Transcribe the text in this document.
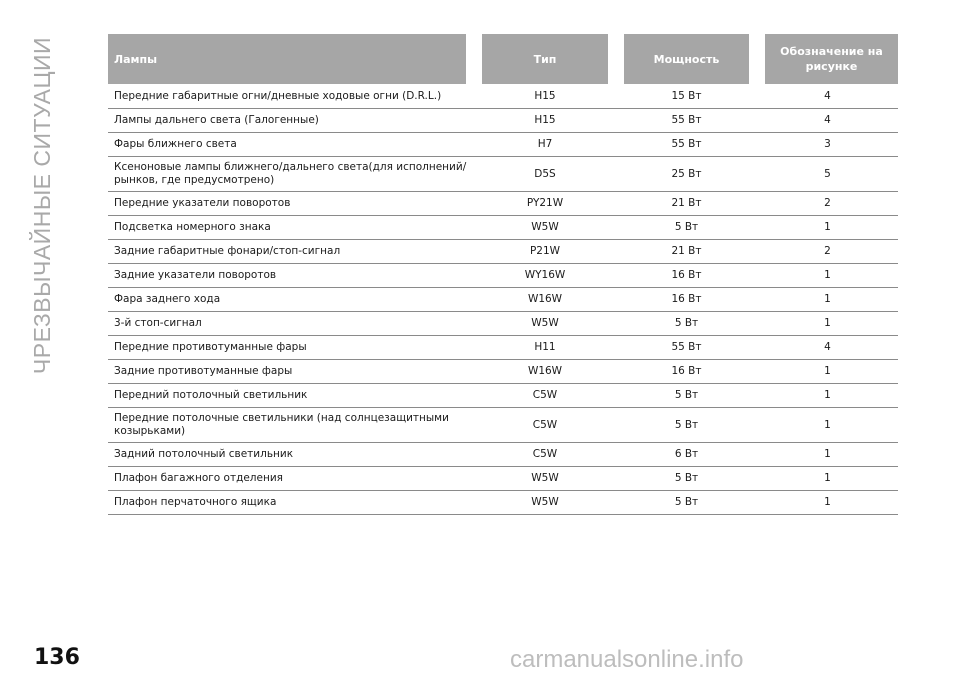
ЧРЕЗВЫЧАЙНЫЕ СИТУАЦИИ	Лампы	Тип	Мощность	Обозначение на рисунке
Передние габаритные огни/дневные ходовые огни (D.R.L.)	H15	15 Вт	4
Лампы дальнего света (Галогенные)	H15	55 Вт	4
Фары ближнего света	H7	55 Вт	3
Ксеноновые лампы ближнего/дальнего света(для исполнений/рынков, где предусмотрено)	D5S	25 Вт	5
Передние указатели поворотов	PY21W	21 Вт	2
Подсветка номерного знака	W5W	5 Вт	1
Задние габаритные фонари/стоп-сигнал	P21W	21 Вт	2
Задние указатели поворотов	WY16W	16 Вт	1
Фара заднего хода	W16W	16 Вт	1
3-й стоп-сигнал	W5W	5 Вт	1
Передние противотуманные фары	H11	55 Вт	4
Задние противотуманные фары	W16W	16 Вт	1
Передний потолочный светильник	C5W	5 Вт	1
Передние потолочные светильники (над солнцезащитными козырьками)	C5W	5 Вт	1
Задний потолочный светильник	C5W	6 Вт	1
Плафон багажного отделения	W5W	5 Вт	1
Плафон перчаточного ящика	W5W	5 Вт	1
136	carmanualsonline.info
